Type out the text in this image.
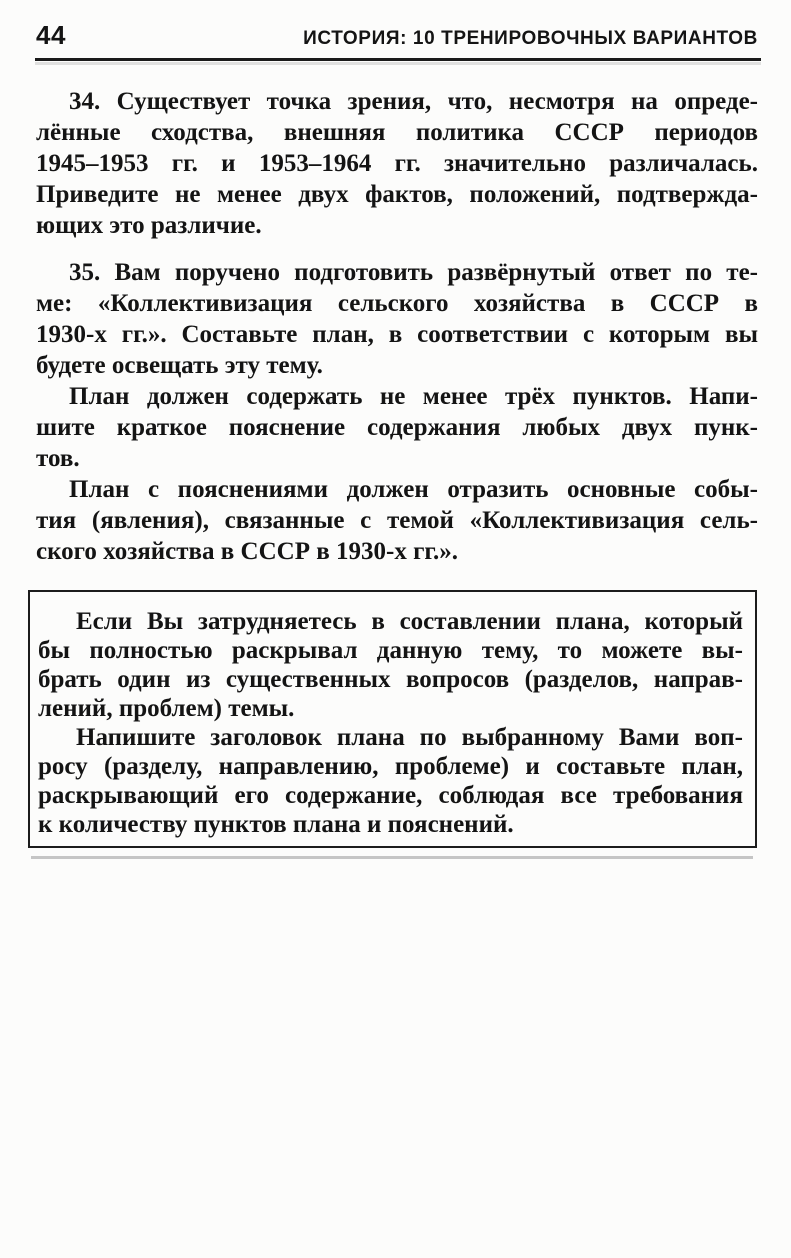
44	ИСТОРИЯ: 10 ТРЕНИРОВОЧНЫХ ВАРИАНТОВ
34. Существует точка зрения, что, несмотря на опреде-
лённые сходства, внешняя политика СССР периодов
1945–1953 гг. и 1953–1964 гг. значительно различалась.
Приведите не менее двух фактов, положений, подтвержда-
ющих это различие.
35. Вам поручено подготовить развёрнутый ответ по те-
ме: «Коллективизация сельского хозяйства в СССР в
1930-х гг.». Составьте план, в соответствии с которым вы
будете освещать эту тему.
План должен содержать не менее трёх пунктов. Напи-
шите краткое пояснение содержания любых двух пунк-
тов.
План с пояснениями должен отразить основные собы-
тия (явления), связанные с темой «Коллективизация сель-
ского хозяйства в СССР в 1930-х гг.».
Если Вы затрудняетесь в составлении плана, который
бы полностью раскрывал данную тему, то можете вы-
брать один из существенных вопросов (разделов, направ-
лений, проблем) темы.
Напишите заголовок плана по выбранному Вами воп-
росу (разделу, направлению, проблеме) и составьте план,
раскрывающий его содержание, соблюдая все требования
к количеству пунктов плана и пояснений.
